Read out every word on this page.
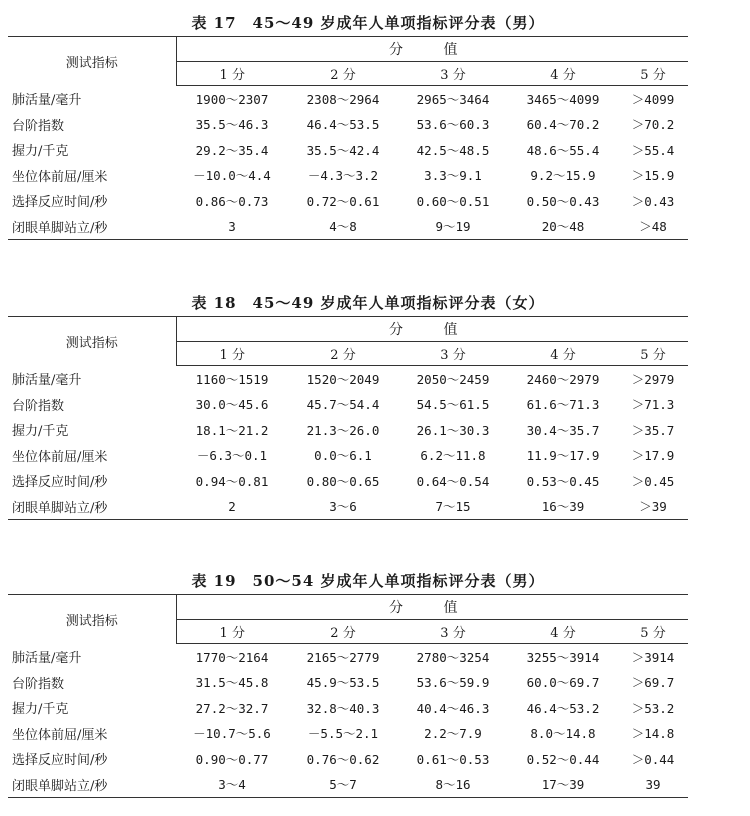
表 17　45～49 岁成年人单项指标评分表（男）
测试指标	分 值				
	1 分	2 分	3 分	4 分	5 分
肺活量/毫升	1900～2307	2308～2964	2965～3464	3465～4099	＞4099
台阶指数	35.5～46.3	46.4～53.5	53.6～60.3	60.4～70.2	＞70.2
握力/千克	29.2～35.4	35.5～42.4	42.5～48.5	48.6～55.4	＞55.4
坐位体前屈/厘米	－10.0～4.4	－4.3～3.2	3.3～9.1	9.2～15.9	＞15.9
选择反应时间/秒	0.86～0.73	0.72～0.61	0.60～0.51	0.50～0.43	＞0.43
闭眼单脚站立/秒	3	4～8	9～19	20～48	＞48
表 18　45～49 岁成年人单项指标评分表（女）
测试指标	分 值				
	1 分	2 分	3 分	4 分	5 分
肺活量/毫升	1160～1519	1520～2049	2050～2459	2460～2979	＞2979
台阶指数	30.0～45.6	45.7～54.4	54.5～61.5	61.6～71.3	＞71.3
握力/千克	18.1～21.2	21.3～26.0	26.1～30.3	30.4～35.7	＞35.7
坐位体前屈/厘米	－6.3～0.1	0.0～6.1	6.2～11.8	11.9～17.9	＞17.9
选择反应时间/秒	0.94～0.81	0.80～0.65	0.64～0.54	0.53～0.45	＞0.45
闭眼单脚站立/秒	2	3～6	7～15	16～39	＞39
表 19　50～54 岁成年人单项指标评分表（男）
测试指标	分 值				
	1 分	2 分	3 分	4 分	5 分
肺活量/毫升	1770～2164	2165～2779	2780～3254	3255～3914	＞3914
台阶指数	31.5～45.8	45.9～53.5	53.6～59.9	60.0～69.7	＞69.7
握力/千克	27.2～32.7	32.8～40.3	40.4～46.3	46.4～53.2	＞53.2
坐位体前屈/厘米	－10.7～5.6	－5.5～2.1	2.2～7.9	8.0～14.8	＞14.8
选择反应时间/秒	0.90～0.77	0.76～0.62	0.61～0.53	0.52～0.44	＞0.44
闭眼单脚站立/秒	3～4	5～7	8～16	17～39	39
